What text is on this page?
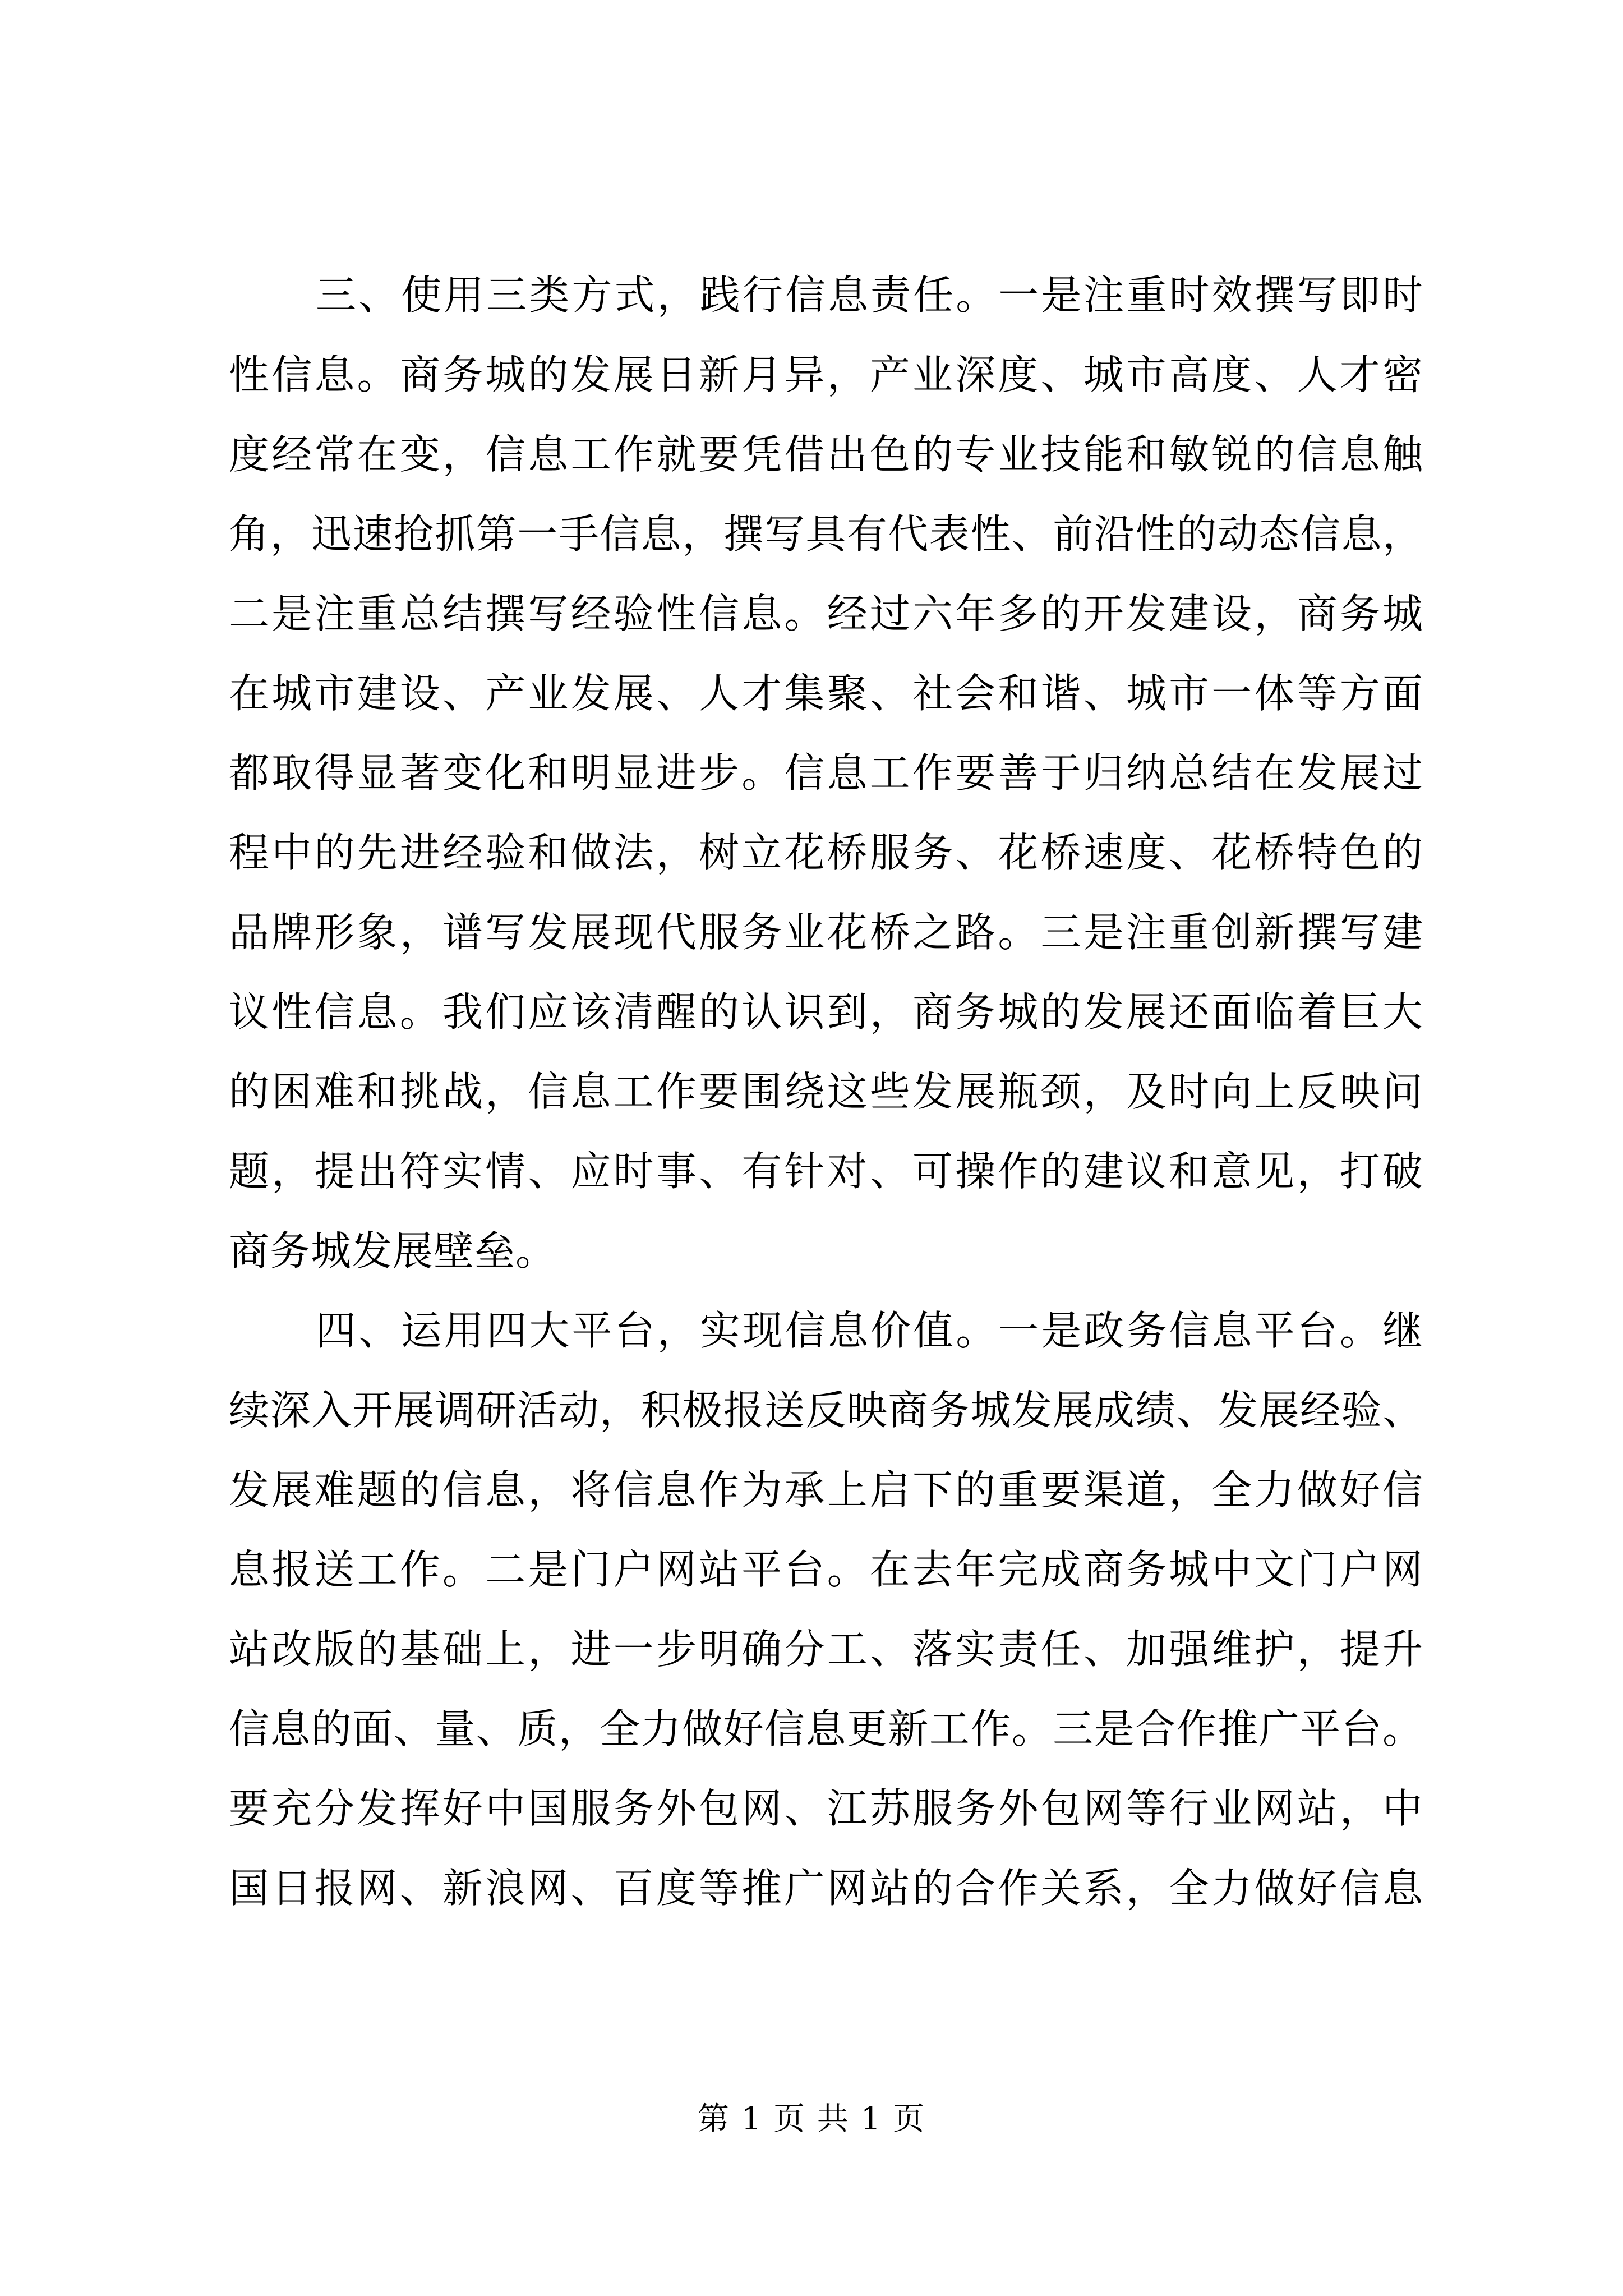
三、使用三类方式，践行信息责任。一是注重时效撰写即时
性信息。商务城的发展日新月异，产业深度、城市高度、人才密
度经常在变，信息工作就要凭借出色的专业技能和敏锐的信息触
角，迅速抢抓第一手信息，撰写具有代表性、前沿性的动态信息，
二是注重总结撰写经验性信息。经过六年多的开发建设，商务城
在城市建设、产业发展、人才集聚、社会和谐、城市一体等方面
都取得显著变化和明显进步。信息工作要善于归纳总结在发展过
程中的先进经验和做法，树立花桥服务、花桥速度、花桥特色的
品牌形象，谱写发展现代服务业花桥之路。三是注重创新撰写建
议性信息。我们应该清醒的认识到，商务城的发展还面临着巨大
的困难和挑战，信息工作要围绕这些发展瓶颈，及时向上反映问
题，提出符实情、应时事、有针对、可操作的建议和意见，打破
商务城发展壁垒。
四、运用四大平台，实现信息价值。一是政务信息平台。继
续深入开展调研活动，积极报送反映商务城发展成绩、发展经验、
发展难题的信息，将信息作为承上启下的重要渠道，全力做好信
息报送工作。二是门户网站平台。在去年完成商务城中文门户网
站改版的基础上，进一步明确分工、落实责任、加强维护，提升
信息的面、量、质，全力做好信息更新工作。三是合作推广平台。
要充分发挥好中国服务外包网、江苏服务外包网等行业网站，中
国日报网、新浪网、百度等推广网站的合作关系，全力做好信息
第 1 页 共 1 页
